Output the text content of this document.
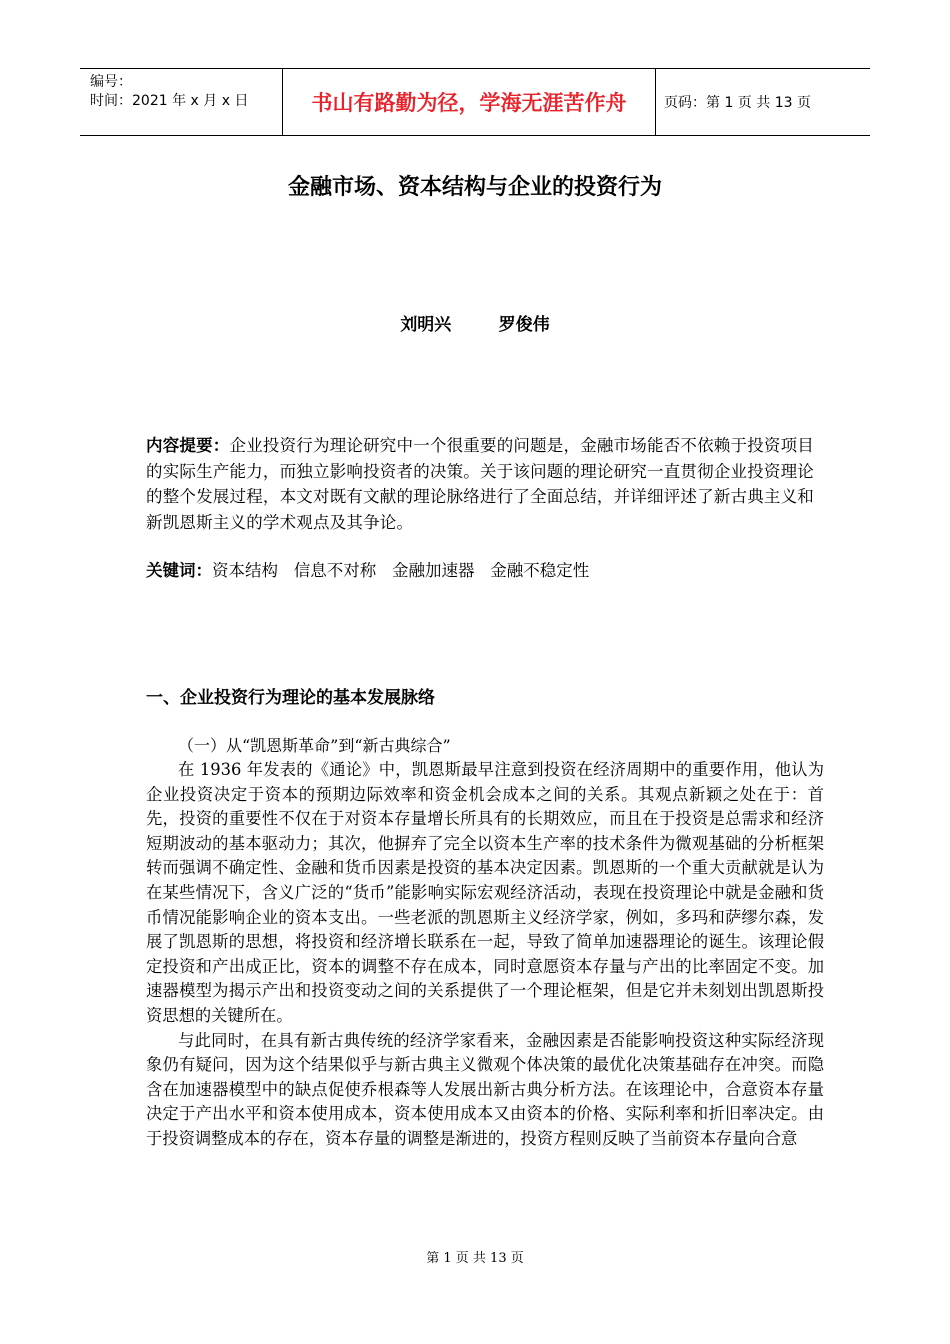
编号：
时间：2021 年 x 月 x 日	书山有路勤为径，学海无涯苦作舟	页码：第 1 页 共 13 页
金融市场、资本结构与企业的投资行为
刘明兴        罗俊伟
内容提要：企业投资行为理论研究中一个很重要的问题是，金融市场能否不依赖于投资项目的实际生产能力，而独立影响投资者的决策。关于该问题的理论研究一直贯彻企业投资理论的整个发展过程，本文对既有文献的理论脉络进行了全面总结，并详细评述了新古典主义和新凯恩斯主义的学术观点及其争论。
关键词：资本结构   信息不对称   金融加速器   金融不稳定性
一、企业投资行为理论的基本发展脉络
（一）从“凯恩斯革命”到“新古典综合”

在 1936 年发表的《通论》中，凯恩斯最早注意到投资在经济周期中的重要作用，他认为企业投资决定于资本的预期边际效率和资金机会成本之间的关系。其观点新颖之处在于：首先，投资的重要性不仅在于对资本存量增长所具有的长期效应，而且在于投资是总需求和经济短期波动的基本驱动力；其次，他摒弃了完全以资本生产率的技术条件为微观基础的分析框架转而强调不确定性、金融和货币因素是投资的基本决定因素。凯恩斯的一个重大贡献就是认为在某些情况下，含义广泛的“货币”能影响实际宏观经济活动，表现在投资理论中就是金融和货币情况能影响企业的资本支出。一些老派的凯恩斯主义经济学家，例如，多玛和萨缪尔森，发展了凯恩斯的思想，将投资和经济增长联系在一起，导致了简单加速器理论的诞生。该理论假定投资和产出成正比，资本的调整不存在成本，同时意愿资本存量与产出的比率固定不变。加速器模型为揭示产出和投资变动之间的关系提供了一个理论框架，但是它并未刻划出凯恩斯投资思想的关键所在。

与此同时，在具有新古典传统的经济学家看来，金融因素是否能影响投资这种实际经济现象仍有疑问，因为这个结果似乎与新古典主义微观个体决策的最优化决策基础存在冲突。而隐含在加速器模型中的缺点促使乔根森等人发展出新古典分析方法。在该理论中，合意资本存量决定于产出水平和资本使用成本，资本使用成本又由资本的价格、实际利率和折旧率决定。由于投资调整成本的存在，资本存量的调整是渐进的，投资方程则反映了当前资本存量向合意

第 1 页 共 13 页
